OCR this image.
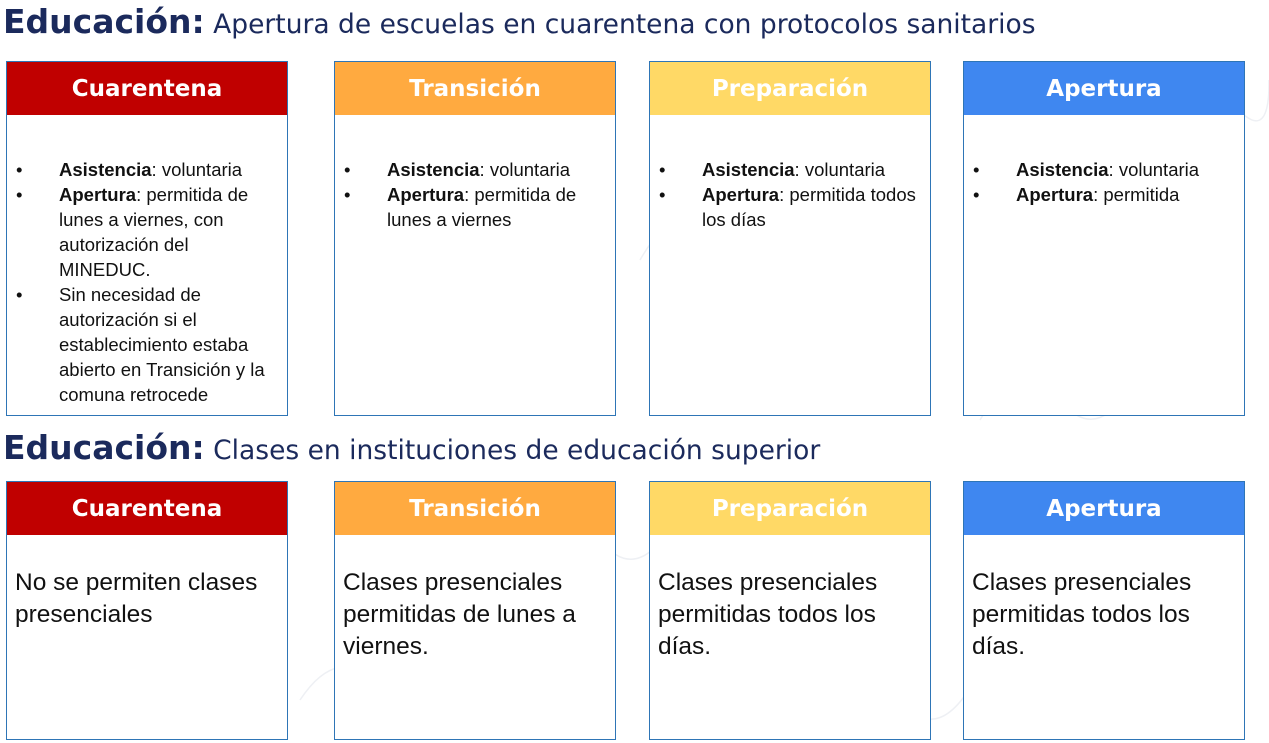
Educación: Apertura de escuelas en cuarentena con protocolos sanitarios
Cuarentena
• Asistencia: voluntaria
• Apertura: permitida de lunes a viernes, con autorización del MINEDUC.
• Sin necesidad de autorización si el establecimiento estaba abierto en Transición y la comuna retrocede
Transición
• Asistencia: voluntaria
• Apertura: permitida de lunes a viernes
Preparación
• Asistencia: voluntaria
• Apertura: permitida todos los días
Apertura
• Asistencia: voluntaria
• Apertura: permitida
Educación: Clases en instituciones de educación superior
Cuarentena

No se permiten clases presenciales

Transición

Clases presenciales permitidas de lunes a viernes.

Preparación

Clases presenciales permitidas todos los días.

Apertura

Clases presenciales permitidas todos los días.
